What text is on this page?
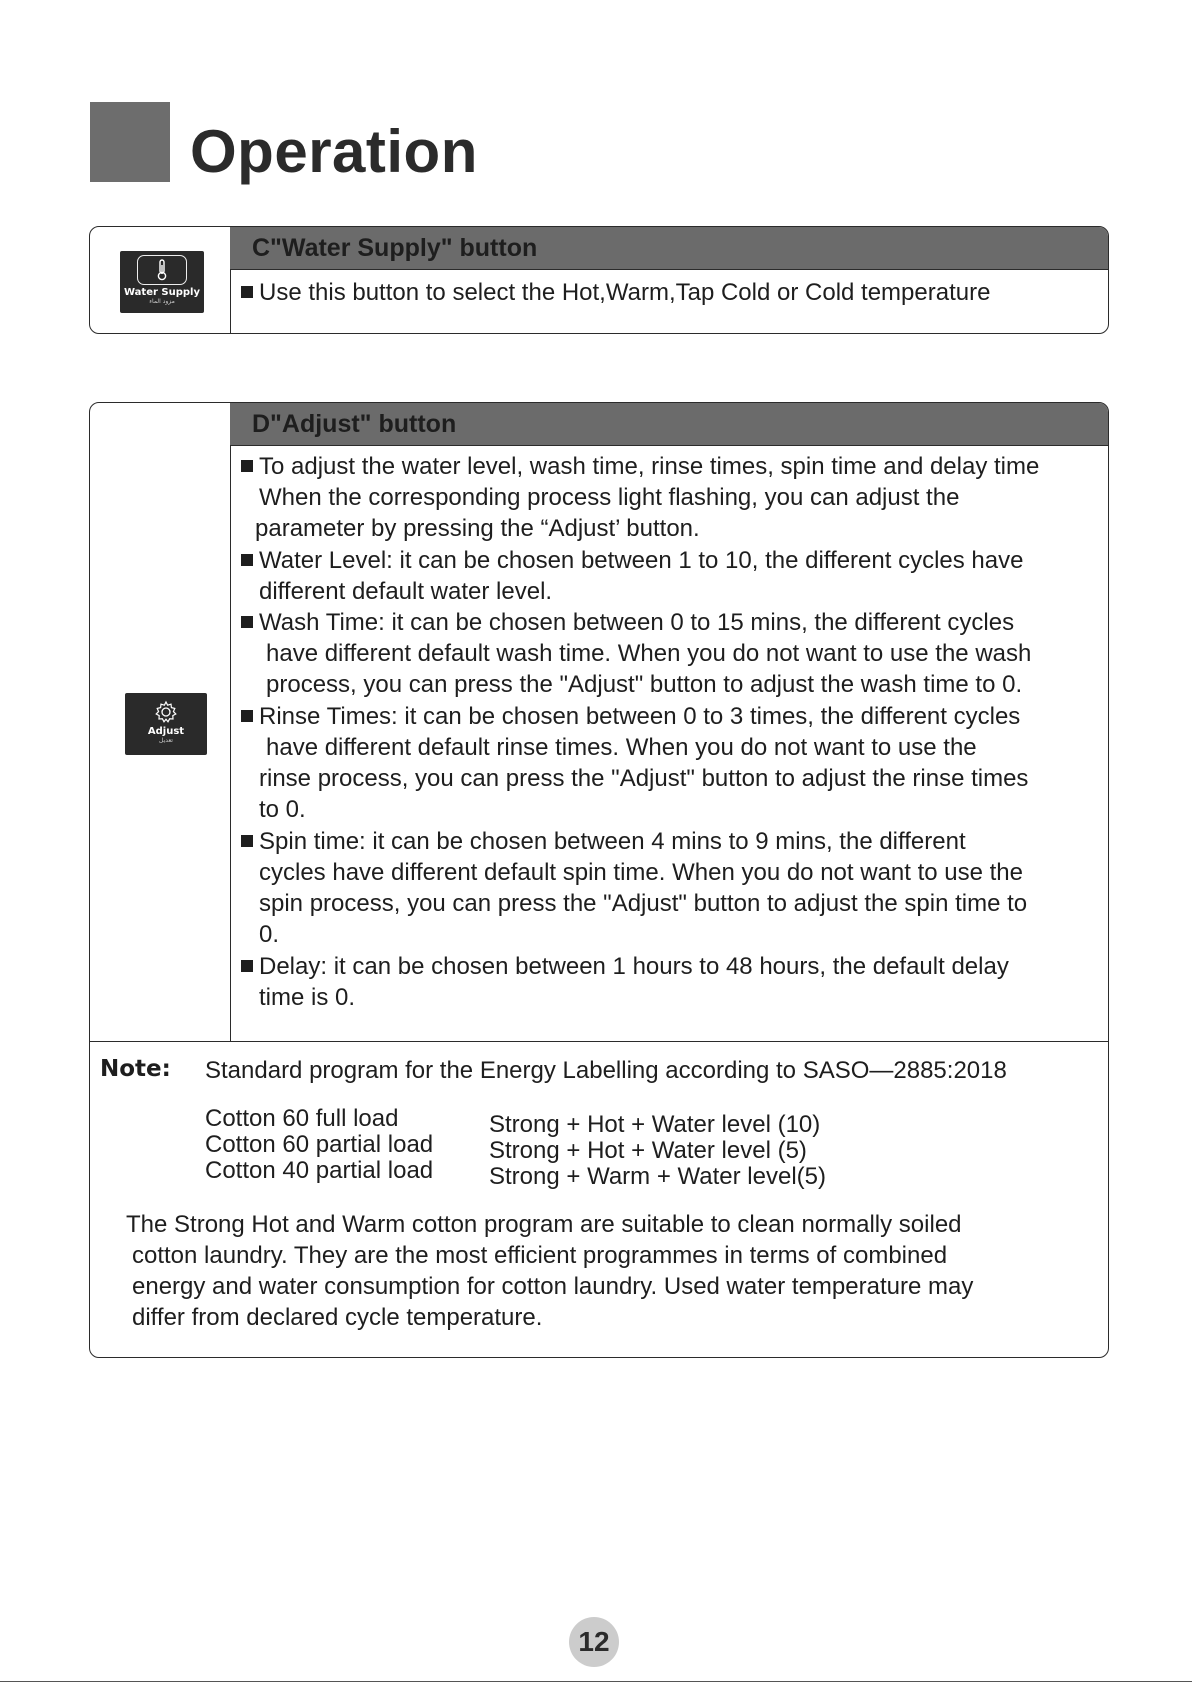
Operation
Water Supply
مزود الماء
C"Water Supply" button
Use this button to select the Hot,Warm,Tap Cold or Cold temperature
Adjust
تعديل
D"Adjust" button
To adjust the water level, wash time, rinse times, spin time and delay time
When the corresponding process light flashing, you can adjust the
parameter by pressing the “Adjust’ button.
Water Level: it can be chosen between 1 to 10, the different cycles have
different default water level.
Wash Time: it can be chosen between 0 to 15 mins, the different cycles
have different default wash time. When you do not want to use the wash
process, you can press the "Adjust" button to adjust the wash time to 0.
Rinse Times: it can be chosen between 0 to 3 times, the different cycles
have different default rinse times. When you do not want to use the
rinse process, you can press the "Adjust" button to adjust the rinse times
to 0.
Spin time: it can be chosen between 4 mins to 9 mins, the different
cycles have different default spin time. When you do not want to use the
spin process, you can press the "Adjust" button to adjust the spin time to
0.
Delay: it can be chosen between 1 hours to 48 hours, the default delay
time is 0.
Note: Standard program for the Energy Labelling according to SASO—2885:2018
Cotton 60 full load
Cotton 60 partial load
Cotton 40 partial load
Strong + Hot + Water level (10)
Strong + Hot + Water level (5)
Strong + Warm + Water level(5)
The Strong Hot and Warm cotton program are suitable to clean normally soiled
cotton laundry. They are the most efficient programmes in terms of combined
energy and water consumption for cotton laundry. Used water temperature may
differ from declared cycle temperature.
12
